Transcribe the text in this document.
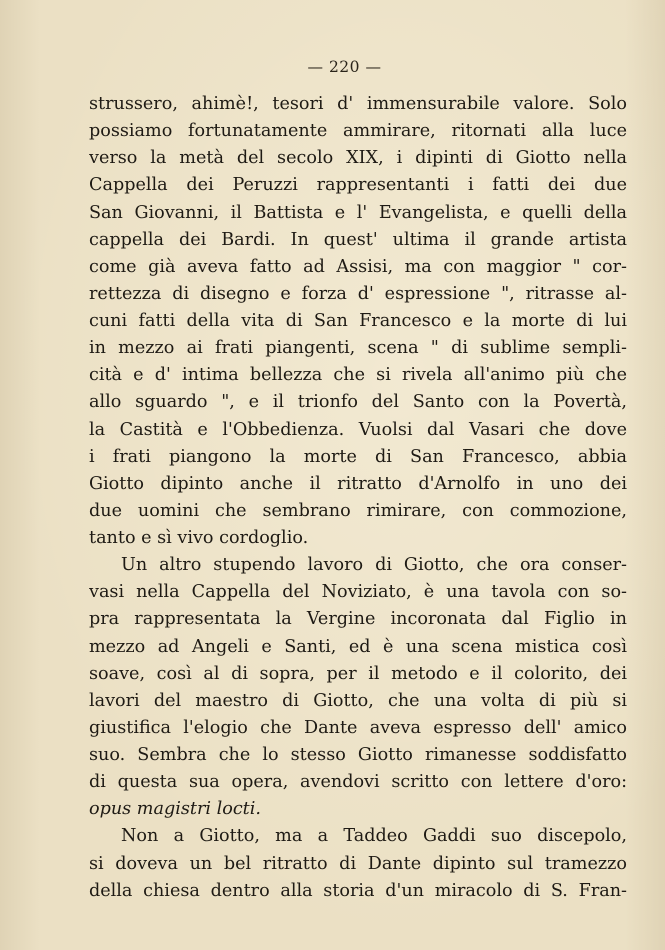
— 220 —
strussero, ahimè!, tesori d' immensurabile valore. Solo
possiamo fortunatamente ammirare, ritornati alla luce
verso la metà del secolo XIX, i dipinti di Giotto nella
Cappella dei Peruzzi rappresentanti i fatti dei due
San Giovanni, il Battista e l' Evangelista, e quelli della
cappella dei Bardi. In quest' ultima il grande artista
come già aveva fatto ad Assisi, ma con maggior " cor-
rettezza di disegno e forza d' espressione ", ritrasse al-
cuni fatti della vita di San Francesco e la morte di lui
in mezzo ai frati piangenti, scena " di sublime sempli-
cità e d' intima bellezza che si rivela all'animo più che
allo sguardo ", e il trionfo del Santo con la Povertà,
la Castità e l'Obbedienza. Vuolsi dal Vasari che dove
i frati piangono la morte di San Francesco, abbia
Giotto dipinto anche il ritratto d'Arnolfo in uno dei
due uomini che sembrano rimirare, con commozione,
tanto e sì vivo cordoglio.
Un altro stupendo lavoro di Giotto, che ora conser-
vasi nella Cappella del Noviziato, è una tavola con so-
pra rappresentata la Vergine incoronata dal Figlio in
mezzo ad Angeli e Santi, ed è una scena mistica così
soave, così al di sopra, per il metodo e il colorito, dei
lavori del maestro di Giotto, che una volta di più si
giustifica l'elogio che Dante aveva espresso dell' amico
suo. Sembra che lo stesso Giotto rimanesse soddisfatto
di questa sua opera, avendovi scritto con lettere d'oro:
opus magistri locti.
Non a Giotto, ma a Taddeo Gaddi suo discepolo,
si doveva un bel ritratto di Dante dipinto sul tramezzo
della chiesa dentro alla storia d'un miracolo di S. Fran-
